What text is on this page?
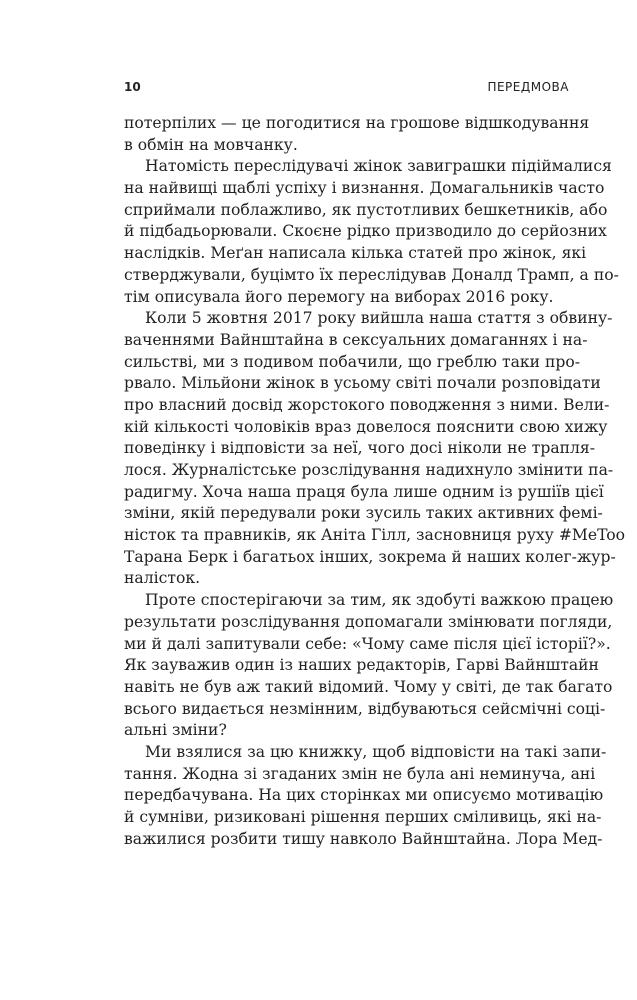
10	ПЕРЕДМОВА
потерпілих — це погодитися на грошове відшкодування
в обмін на мовчанку.
Натомість переслідувачі жінок завиграшки підіймалися
на найвищі щаблі успіху і визнання. Домагальників часто
сприймали поблажливо, як пустотливих бешкетників, або
й підбадьорювали. Скоєне рідко призводило до серйозних
наслідків. Меґан написала кілька статей про жінок, які
стверджували, буцімто їх переслідував Доналд Трамп, а по-
тім описувала його перемогу на виборах 2016 року.
Коли 5 жовтня 2017 року вийшла наша стаття з обвину-
ваченнями Вайнштайна в сексуальних домаганнях і на-
сильстві, ми з подивом побачили, що греблю таки про-
рвало. Мільйони жінок в усьому світі почали розповідати
про власний досвід жорстокого поводження з ними. Вели-
кій кількості чоловіків враз довелося пояснити свою хижу
поведінку і відповісти за неї, чого досі ніколи не трапля-
лося. Журналістське розслідування надихнуло змінити па-
радигму. Хоча наша праця була лише одним із рушіїв цієї
зміни, якій передували роки зусиль таких активних фемі-
ністок та правників, як Аніта Гілл, засновниця руху #MeToo
Тарана Берк і багатьох інших, зокрема й наших колег-жур-
налісток.
Проте спостерігаючи за тим, як здобуті важкою працею
результати розслідування допомагали змінювати погляди,
ми й далі запитували себе: «Чому саме після цієї історії?».
Як зауважив один із наших редакторів, Гарві Вайнштайн
навіть не був аж такий відомий. Чому у світі, де так багато
всього видається незмінним, відбуваються сейсмічні соці-
альні зміни?
Ми взялися за цю книжку, щоб відповісти на такі запи-
тання. Жодна зі згаданих змін не була ані неминуча, ані
передбачувана. На цих сторінках ми описуємо мотивацію
й сумніви, ризиковані рішення перших сміливиць, які на-
важилися розбити тишу навколо Вайнштайна. Лора Мед-
